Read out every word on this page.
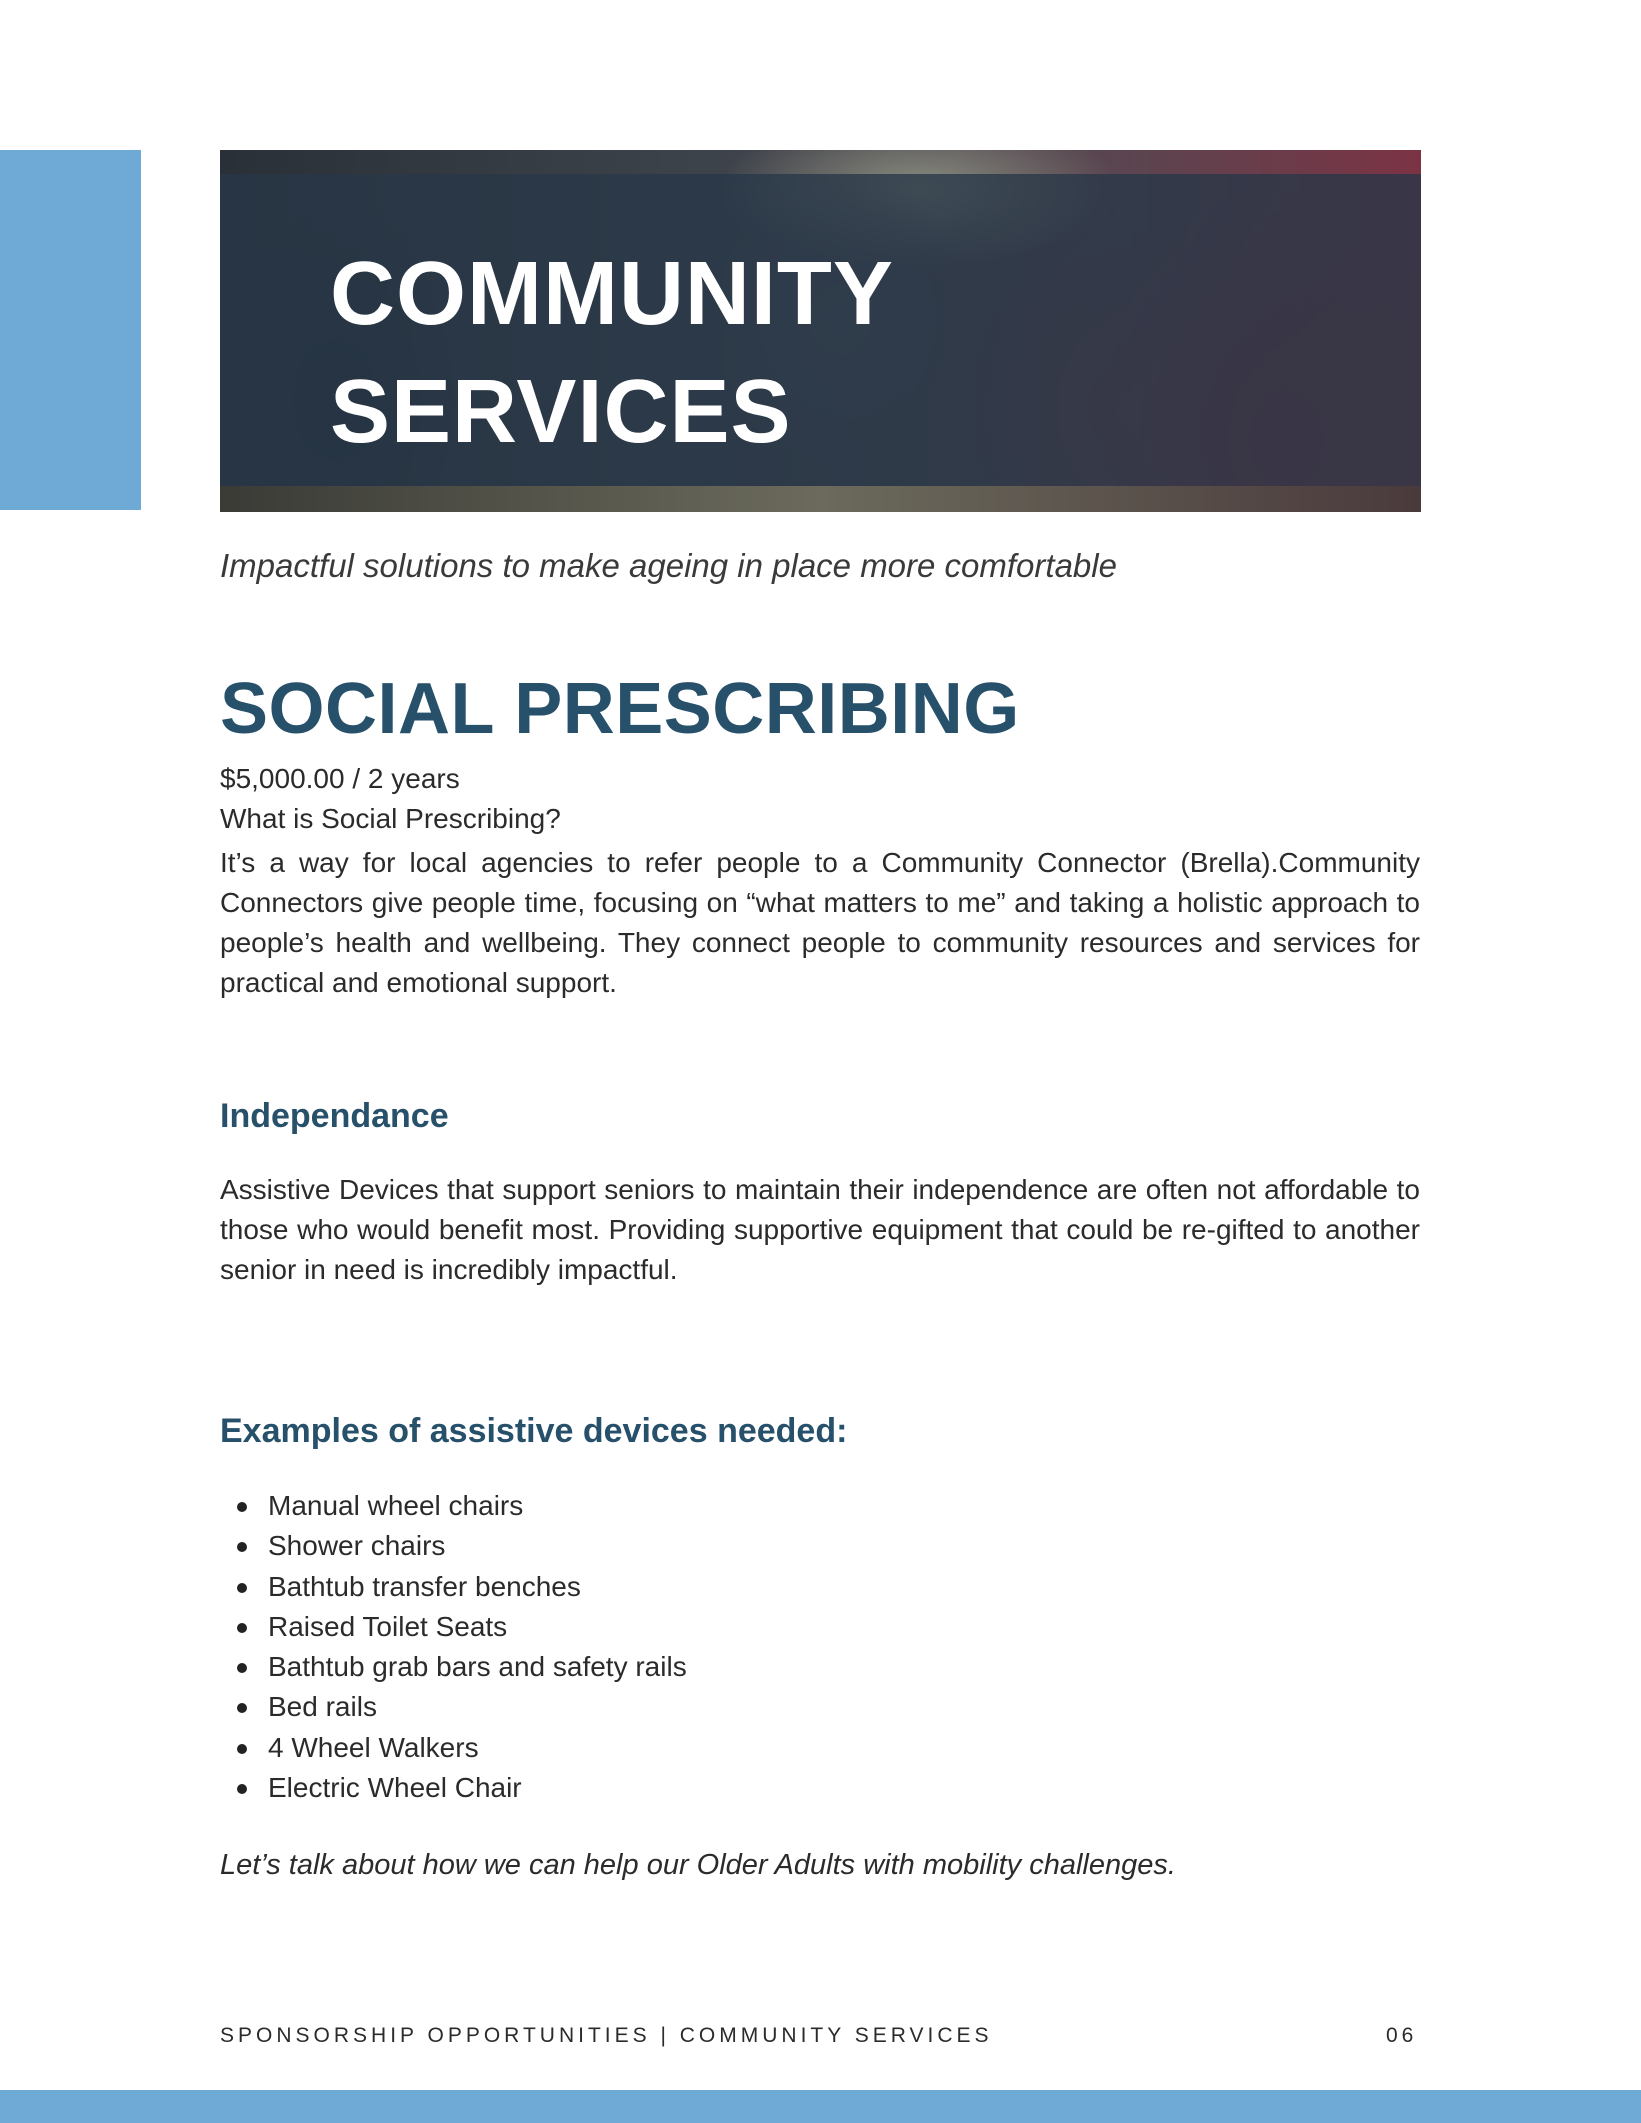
COMMUNITY
SERVICES

Impactful solutions to make ageing in place more comfortable

SOCIAL PRESCRIBING

$5,000.00 / 2 years

What is Social Prescribing?

It’s a way for local agencies to refer people to a Community Connector (Brella).Community Connectors give people time, focusing on “what matters to me” and taking a holistic approach to people’s health and wellbeing. They connect people to community resources and services for practical and emotional support.

Independance

Assistive Devices that support seniors to maintain their independence are often not affordable to those who would benefit most. Providing supportive equipment that could be re-gifted to another senior in need is incredibly impactful.

Examples of assistive devices needed:
Manual wheel chairs
Shower chairs
Bathtub transfer benches
Raised Toilet Seats
Bathtub grab bars and safety rails
Bed rails
4 Wheel Walkers
Electric Wheel Chair

Let’s talk about how we can help our Older Adults with mobility challenges.

SPONSORSHIP OPPORTUNITIES | COMMUNITY SERVICES	06
